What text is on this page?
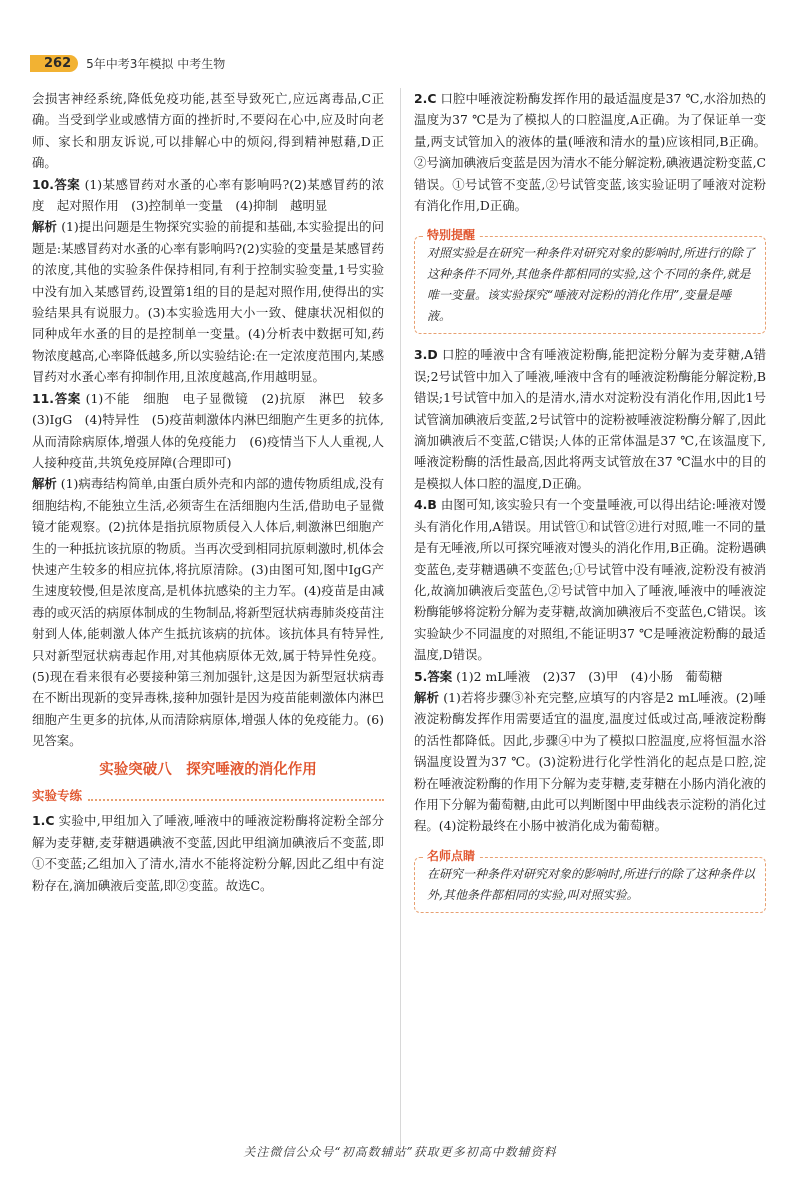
262	5年中考3年模拟 中考生物

会损害神经系统,降低免疫功能,甚至导致死亡,应远离毒品,C正确。当受到学业或感情方面的挫折时,不要闷在心中,应及时向老师、家长和朋友诉说,可以排解心中的烦闷,得到精神慰藉,D正确。

10.答案 (1)某感冒药对水蚤的心率有影响吗?(2)某感冒药的浓度　起对照作用　(3)控制单一变量　(4)抑制　越明显

解析 (1)提出问题是生物探究实验的前提和基础,本实验提出的问题是:某感冒药对水蚤的心率有影响吗?(2)实验的变量是某感冒药的浓度,其他的实验条件保持相同,有利于控制实验变量,1号实验中没有加入某感冒药,设置第1组的目的是起对照作用,使得出的实验结果具有说服力。(3)本实验选用大小一致、健康状况相似的同种成年水蚤的目的是控制单一变量。(4)分析表中数据可知,药物浓度越高,心率降低越多,所以实验结论:在一定浓度范围内,某感冒药对水蚤心率有抑制作用,且浓度越高,作用越明显。

11.答案 (1)不能　细胞　电子显微镜　(2)抗原　淋巴　较多　(3)IgG　(4)特异性　(5)疫苗刺激体内淋巴细胞产生更多的抗体,从而清除病原体,增强人体的免疫能力　(6)疫情当下人人重视,人人接种疫苗,共筑免疫屏障(合理即可)

解析 (1)病毒结构简单,由蛋白质外壳和内部的遗传物质组成,没有细胞结构,不能独立生活,必须寄生在活细胞内生活,借助电子显微镜才能观察。(2)抗体是指抗原物质侵入人体后,刺激淋巴细胞产生的一种抵抗该抗原的物质。当再次受到相同抗原刺激时,机体会快速产生较多的相应抗体,将抗原清除。(3)由图可知,图中IgG产生速度较慢,但是浓度高,是机体抗感染的主力军。(4)疫苗是由减毒的或灭活的病原体制成的生物制品,将新型冠状病毒肺炎疫苗注射到人体,能刺激人体产生抵抗该病的抗体。该抗体具有特异性,只对新型冠状病毒起作用,对其他病原体无效,属于特异性免疫。(5)现在看来很有必要接种第三剂加强针,这是因为新型冠状病毒在不断出现新的变异毒株,接种加强针是因为疫苗能刺激体内淋巴细胞产生更多的抗体,从而清除病原体,增强人体的免疫能力。(6)见答案。

实验突破八　探究唾液的消化作用
实验专练

1.C 实验中,甲组加入了唾液,唾液中的唾液淀粉酶将淀粉全部分解为麦芽糖,麦芽糖遇碘液不变蓝,因此甲组滴加碘液后不变蓝,即①不变蓝;乙组加入了清水,清水不能将淀粉分解,因此乙组中有淀粉存在,滴加碘液后变蓝,即②变蓝。故选C。

2.C 口腔中唾液淀粉酶发挥作用的最适温度是37 ℃,水浴加热的温度为37 ℃是为了模拟人的口腔温度,A正确。为了保证单一变量,两支试管加入的液体的量(唾液和清水的量)应该相同,B正确。②号滴加碘液后变蓝是因为清水不能分解淀粉,碘液遇淀粉变蓝,C错误。①号试管不变蓝,②号试管变蓝,该实验证明了唾液对淀粉有消化作用,D正确。

特别提醒
对照实验是在研究一种条件对研究对象的影响时,所进行的除了这种条件不同外,其他条件都相同的实验,这个不同的条件,就是唯一变量。该实验探究“唾液对淀粉的消化作用”,变量是唾液。

3.D 口腔的唾液中含有唾液淀粉酶,能把淀粉分解为麦芽糖,A错误;2号试管中加入了唾液,唾液中含有的唾液淀粉酶能分解淀粉,B错误;1号试管中加入的是清水,清水对淀粉没有消化作用,因此1号试管滴加碘液后变蓝,2号试管中的淀粉被唾液淀粉酶分解了,因此滴加碘液后不变蓝,C错误;人体的正常体温是37 ℃,在该温度下,唾液淀粉酶的活性最高,因此将两支试管放在37 ℃温水中的目的是模拟人体口腔的温度,D正确。

4.B 由图可知,该实验只有一个变量唾液,可以得出结论:唾液对馒头有消化作用,A错误。用试管①和试管②进行对照,唯一不同的量是有无唾液,所以可探究唾液对馒头的消化作用,B正确。淀粉遇碘变蓝色,麦芽糖遇碘不变蓝色;①号试管中没有唾液,淀粉没有被消化,故滴加碘液后变蓝色,②号试管中加入了唾液,唾液中的唾液淀粉酶能够将淀粉分解为麦芽糖,故滴加碘液后不变蓝色,C错误。该实验缺少不同温度的对照组,不能证明37 ℃是唾液淀粉酶的最适温度,D错误。

5.答案 (1)2 mL唾液　(2)37　(3)甲　(4)小肠　葡萄糖

解析 (1)若将步骤③补充完整,应填写的内容是2 mL唾液。(2)唾液淀粉酶发挥作用需要适宜的温度,温度过低或过高,唾液淀粉酶的活性都降低。因此,步骤④中为了模拟口腔温度,应将恒温水浴锅温度设置为37 ℃。(3)淀粉进行化学性消化的起点是口腔,淀粉在唾液淀粉酶的作用下分解为麦芽糖,麦芽糖在小肠内消化液的作用下分解为葡萄糖,由此可以判断图中甲曲线表示淀粉的消化过程。(4)淀粉最终在小肠中被消化成为葡萄糖。

名师点睛
在研究一种条件对研究对象的影响时,所进行的除了这种条件以外,其他条件都相同的实验,叫对照实验。
关注微信公众号“初高数辅站”获取更多初高中数辅资料
